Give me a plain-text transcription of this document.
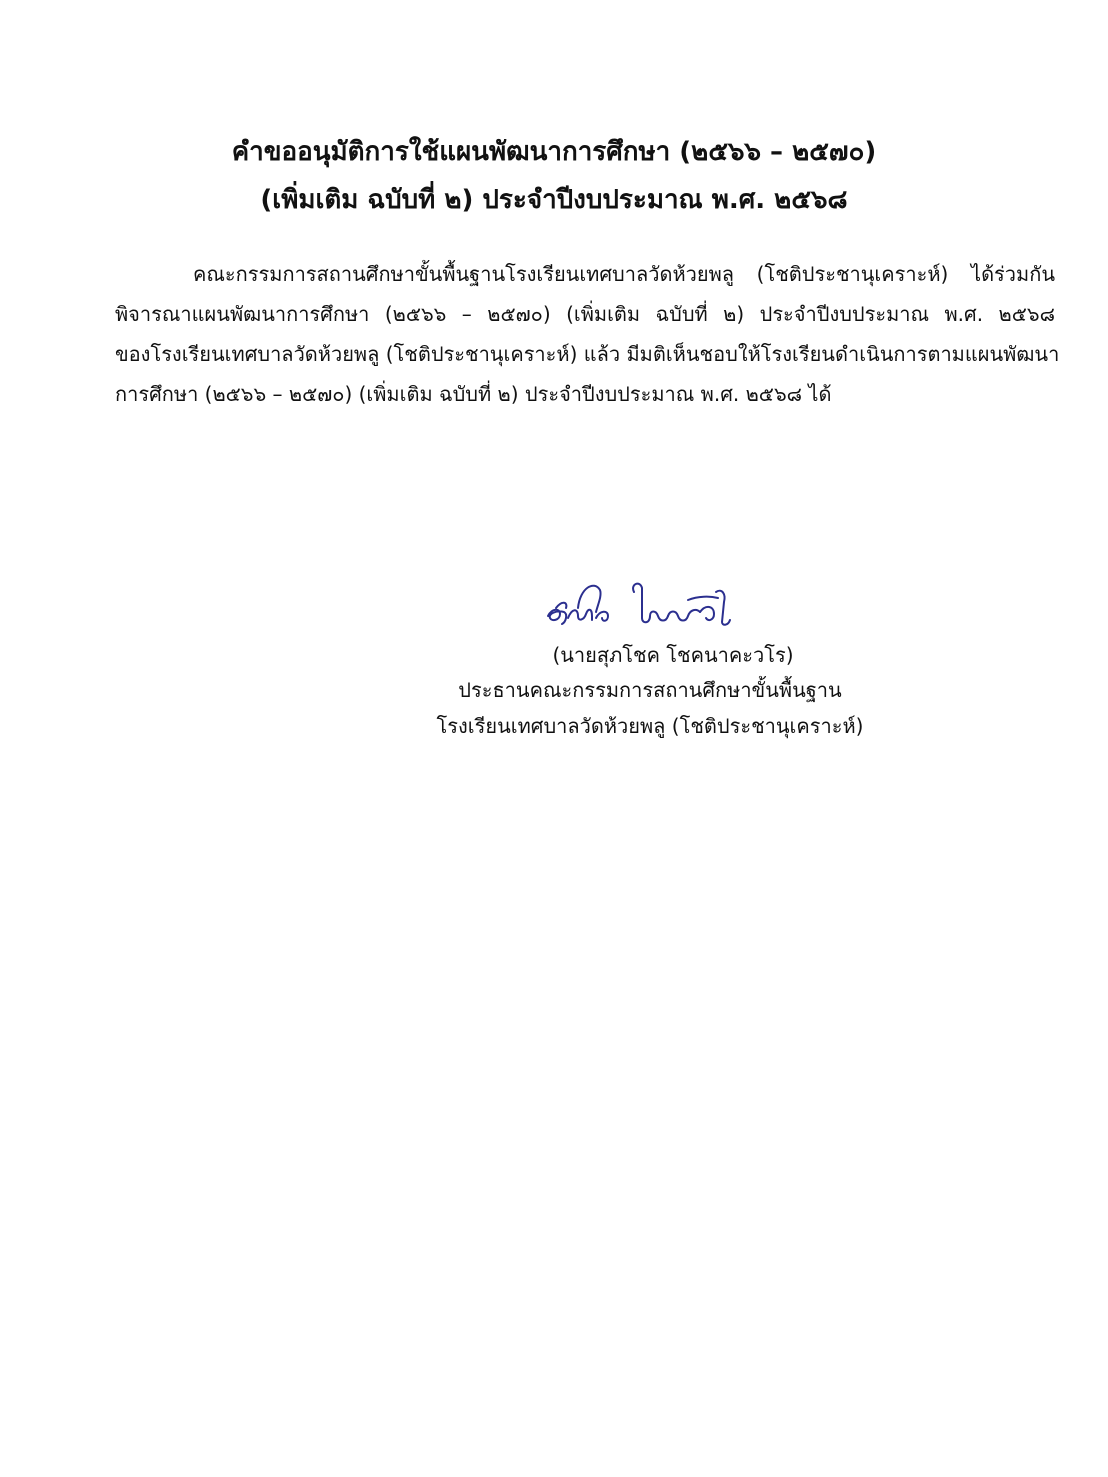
คำขออนุมัติการใช้แผนพัฒนาการศึกษา (๒๕๖๖ – ๒๕๗๐)
(เพิ่มเติม ฉบับที่ ๒) ประจำปีงบประมาณ พ.ศ. ๒๕๖๘
คณะกรรมการสถานศึกษาขั้นพื้นฐานโรงเรียนเทศบาลวัดห้วยพลู (โชติประชานุเคราะห์) ได้ร่วมกัน
พิจารณาแผนพัฒนาการศึกษา (๒๕๖๖ – ๒๕๗๐) (เพิ่มเติม ฉบับที่ ๒) ประจำปีงบประมาณ พ.ศ. ๒๕๖๘
ของโรงเรียนเทศบาลวัดห้วยพลู (โชติประชานุเคราะห์) แล้ว มีมติเห็นชอบให้โรงเรียนดำเนินการตามแผนพัฒนา
การศึกษา (๒๕๖๖ – ๒๕๗๐) (เพิ่มเติม ฉบับที่ ๒) ประจำปีงบประมาณ พ.ศ. ๒๕๖๘ ได้
(นายสุภโชค โชคนาคะวโร)
ประธานคณะกรรมการสถานศึกษาขั้นพื้นฐาน
โรงเรียนเทศบาลวัดห้วยพลู (โชติประชานุเคราะห์)
